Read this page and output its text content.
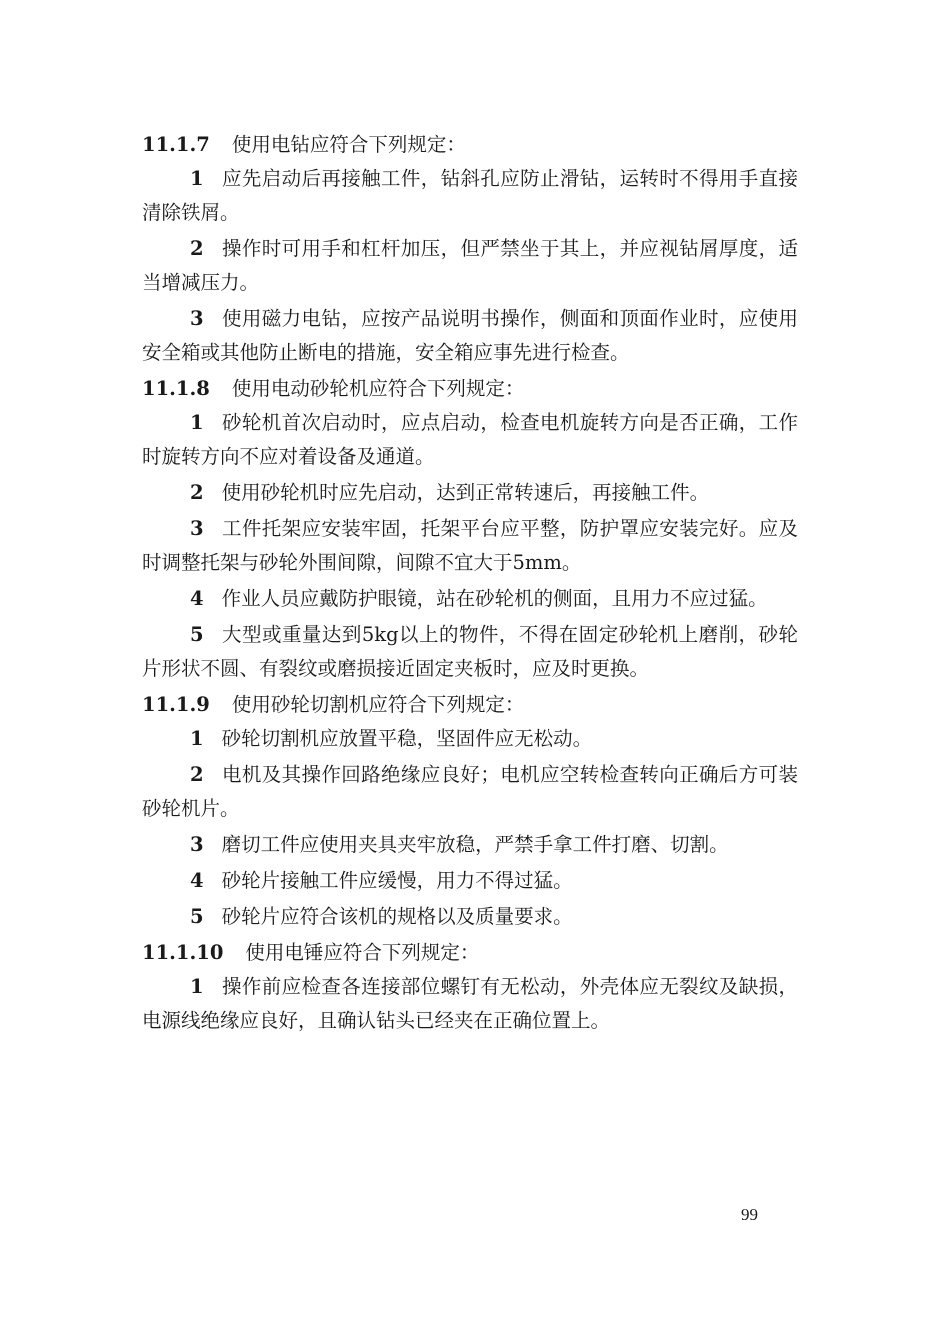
11.1.7 使用电钻应符合下列规定：

1 应先启动后再接触工件，钻斜孔应防止滑钻，运转时不得用手直接清除铁屑。

2 操作时可用手和杠杆加压，但严禁坐于其上，并应视钻屑厚度，适当增减压力。

3 使用磁力电钻，应按产品说明书操作，侧面和顶面作业时，应使用安全箱或其他防止断电的措施，安全箱应事先进行检查。

11.1.8 使用电动砂轮机应符合下列规定：

1 砂轮机首次启动时，应点启动，检查电机旋转方向是否正确，工作时旋转方向不应对着设备及通道。

2 使用砂轮机时应先启动，达到正常转速后，再接触工件。

3 工件托架应安装牢固，托架平台应平整，防护罩应安装完好。应及时调整托架与砂轮外围间隙，间隙不宜大于5mm。

4 作业人员应戴防护眼镜，站在砂轮机的侧面，且用力不应过猛。

5 大型或重量达到5kg以上的物件，不得在固定砂轮机上磨削，砂轮片形状不圆、有裂纹或磨损接近固定夹板时，应及时更换。

11.1.9 使用砂轮切割机应符合下列规定：

1 砂轮切割机应放置平稳，坚固件应无松动。

2 电机及其操作回路绝缘应良好；电机应空转检查转向正确后方可装砂轮机片。

3 磨切工件应使用夹具夹牢放稳，严禁手拿工件打磨、切割。

4 砂轮片接触工件应缓慢，用力不得过猛。

5 砂轮片应符合该机的规格以及质量要求。

11.1.10 使用电锤应符合下列规定：

1 操作前应检查各连接部位螺钉有无松动，外壳体应无裂纹及缺损，电源线绝缘应良好，且确认钻头已经夹在正确位置上。

99
